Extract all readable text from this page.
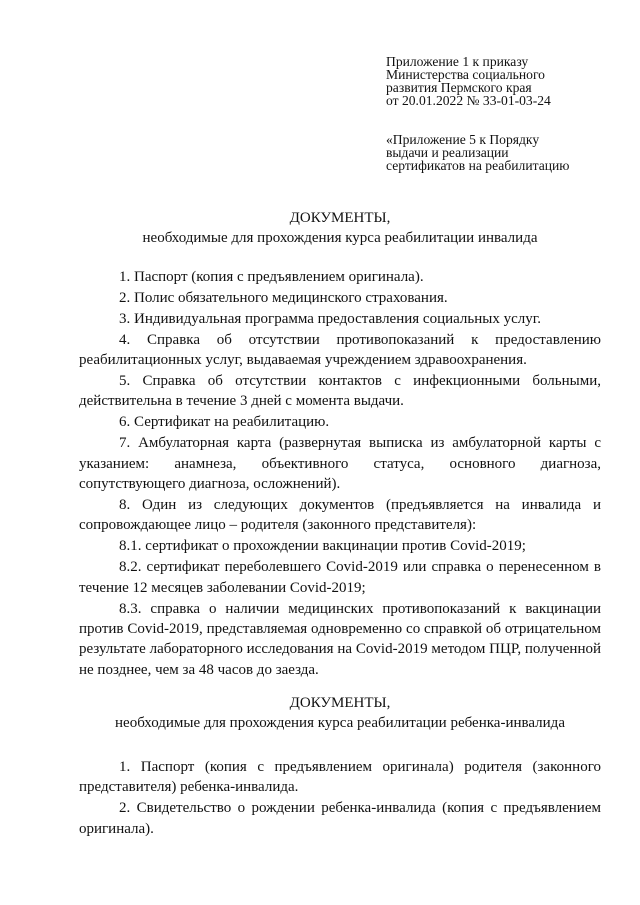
Приложение 1 к приказу
Министерства социального
развития Пермского края
от 20.01.2022 № 33-01-03-24
«Приложение 5 к Порядку
выдачи и реализации
сертификатов на реабилитацию
ДОКУМЕНТЫ,
необходимые для прохождения курса реабилитации инвалида

1. Паспорт (копия с предъявлением оригинала).

2. Полис обязательного медицинского страхования.

3. Индивидуальная программа предоставления социальных услуг.

4. Справка об отсутствии противопоказаний к предоставлению реабилитационных услуг, выдаваемая учреждением здравоохранения.

5. Справка об отсутствии контактов с инфекционными больными, действительна в течение 3 дней с момента выдачи.

6. Сертификат на реабилитацию.

7. Амбулаторная карта (развернутая выписка из амбулаторной карты с указанием: анамнеза, объективного статуса, основного диагноза, сопутствующего диагноза, осложнений).

8. Один из следующих документов (предъявляется на инвалида и сопровождающее лицо – родителя (законного представителя):

8.1. сертификат о прохождении вакцинации против Covid-2019;

8.2. сертификат переболевшего Covid-2019 или справка о перенесенном в течение 12 месяцев заболевании Covid-2019;

8.3. справка о наличии медицинских противопоказаний к вакцинации против Covid-2019, представляемая одновременно со справкой об отрицательном результате лабораторного исследования на Covid-2019 методом ПЦР, полученной не позднее, чем за 48 часов до заезда.

ДОКУМЕНТЫ,
необходимые для прохождения курса реабилитации ребенка-инвалида

1. Паспорт (копия с предъявлением оригинала) родителя (законного представителя) ребенка-инвалида.

2. Свидетельство о рождении ребенка-инвалида (копия с предъявлением оригинала).
